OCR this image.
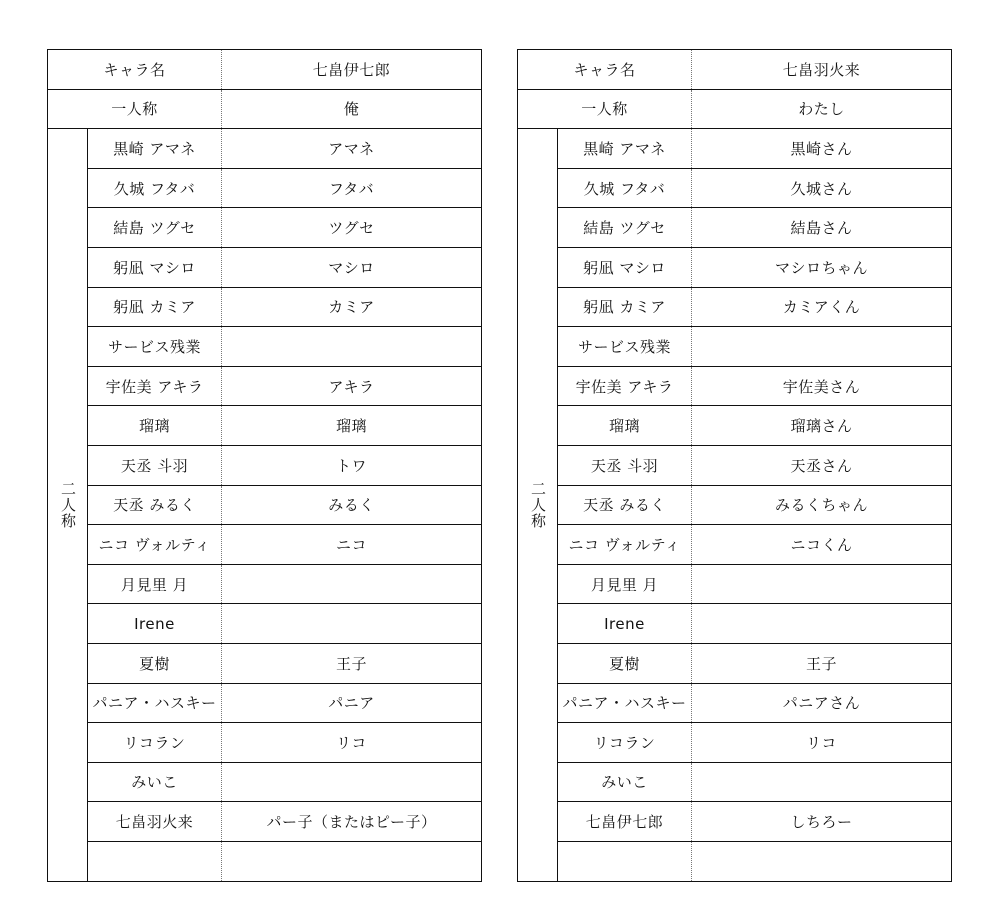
キャラ名	七畠伊七郎
一人称	俺
二人称
黒崎 アマネ	アマネ
久城 フタバ	フタバ
結島 ツグセ	ツグセ
躬凪 マシロ	マシロ
躬凪 カミア	カミア
サービス残業
宇佐美 アキラ	アキラ
瑠璃	瑠璃
天丞 斗羽	トワ
天丞 みるく	みるく
ニコ ヴォルティ	ニコ
月見里 月
Irene
夏樹	王子
パニア・ハスキー	パニア
リコラン	リコ
みいこ
七畠羽火来	パー子（またはピー子）
キャラ名	七畠羽火来
一人称	わたし
二人称
黒崎 アマネ	黒崎さん
久城 フタバ	久城さん
結島 ツグセ	結島さん
躬凪 マシロ	マシロちゃん
躬凪 カミア	カミアくん
サービス残業
宇佐美 アキラ	宇佐美さん
瑠璃	瑠璃さん
天丞 斗羽	天丞さん
天丞 みるく	みるくちゃん
ニコ ヴォルティ	ニコくん
月見里 月
Irene
夏樹	王子
パニア・ハスキー	パニアさん
リコラン	リコ
みいこ
七畠伊七郎	しちろー
